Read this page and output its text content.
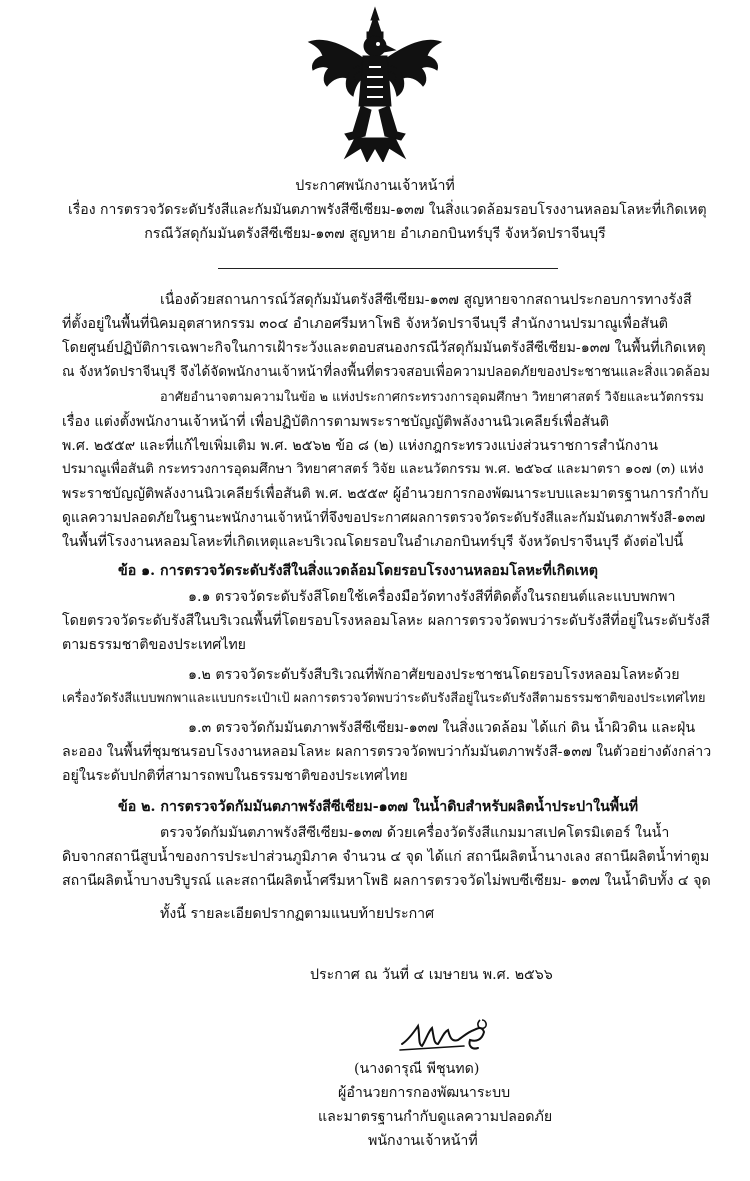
ประกาศพนักงานเจ้าหน้าที่
เรื่อง การตรวจวัดระดับรังสีและกัมมันตภาพรังสีซีเซียม-๑๓๗ ในสิ่งแวดล้อมรอบโรงงานหลอมโลหะที่เกิดเหตุ
กรณีวัสดุกัมมันตรังสีซีเซียม-๑๓๗ สูญหาย อำเภอกบินทร์บุรี จังหวัดปราจีนบุรี
เนื่องด้วยสถานการณ์วัสดุกัมมันตรังสีซีเซียม-๑๓๗ สูญหายจากสถานประกอบการทางรังสี
ที่ตั้งอยู่ในพื้นที่นิคมอุตสาหกรรม ๓๐๔ อำเภอศรีมหาโพธิ จังหวัดปราจีนบุรี สำนักงานปรมาณูเพื่อสันติ
โดยศูนย์ปฏิบัติการเฉพาะกิจในการเฝ้าระวังและตอบสนองกรณีวัสดุกัมมันตรังสีซีเซียม-๑๓๗ ในพื้นที่เกิดเหตุ
ณ จังหวัดปราจีนบุรี จึงได้จัดพนักงานเจ้าหน้าที่ลงพื้นที่ตรวจสอบเพื่อความปลอดภัยของประชาชนและสิ่งแวดล้อม
อาศัยอำนาจตามความในข้อ ๒ แห่งประกาศกระทรวงการอุดมศึกษา วิทยาศาสตร์ วิจัยและนวัตกรรม
เรื่อง แต่งตั้งพนักงานเจ้าหน้าที่ เพื่อปฏิบัติการตามพระราชบัญญัติพลังงานนิวเคลียร์เพื่อสันติ
พ.ศ. ๒๕๕๙ และที่แก้ไขเพิ่มเติม พ.ศ. ๒๕๖๒ ข้อ ๘ (๒) แห่งกฎกระทรวงแบ่งส่วนราชการสำนักงาน
ปรมาณูเพื่อสันติ กระทรวงการอุดมศึกษา วิทยาศาสตร์ วิจัย และนวัตกรรม พ.ศ. ๒๕๖๔ และมาตรา ๑๐๗ (๓) แห่ง
พระราชบัญญัติพลังงานนิวเคลียร์เพื่อสันติ พ.ศ. ๒๕๕๙ ผู้อำนวยการกองพัฒนาระบบและมาตรฐานการกำกับ
ดูแลความปลอดภัยในฐานะพนักงานเจ้าหน้าที่จึงขอประกาศผลการตรวจวัดระดับรังสีและกัมมันตภาพรังสี-๑๓๗
ในพื้นที่โรงงานหลอมโลหะที่เกิดเหตุและบริเวณโดยรอบในอำเภอกบินทร์บุรี จังหวัดปราจีนบุรี ดังต่อไปนี้
ข้อ ๑. การตรวจวัดระดับรังสีในสิ่งแวดล้อมโดยรอบโรงงานหลอมโลหะที่เกิดเหตุ
๑.๑ ตรวจวัดระดับรังสีโดยใช้เครื่องมือวัดทางรังสีที่ติดตั้งในรถยนต์และแบบพกพา
โดยตรวจวัดระดับรังสีในบริเวณพื้นที่โดยรอบโรงหลอมโลหะ ผลการตรวจวัดพบว่าระดับรังสีที่อยู่ในระดับรังสี
ตามธรรมชาติของประเทศไทย
๑.๒ ตรวจวัดระดับรังสีบริเวณที่พักอาศัยของประชาชนโดยรอบโรงหลอมโลหะด้วย
เครื่องวัดรังสีแบบพกพาและแบบกระเป๋าเป้ ผลการตรวจวัดพบว่าระดับรังสีอยู่ในระดับรังสีตามธรรมชาติของประเทศไทย
๑.๓ ตรวจวัดกัมมันตภาพรังสีซีเซียม-๑๓๗ ในสิ่งแวดล้อม ได้แก่ ดิน น้ำผิวดิน และฝุ่น
ละออง ในพื้นที่ชุมชนรอบโรงงานหลอมโลหะ ผลการตรวจวัดพบว่ากัมมันตภาพรังสี-๑๓๗ ในตัวอย่างดังกล่าว
อยู่ในระดับปกติที่สามารถพบในธรรมชาติของประเทศไทย
ข้อ ๒. การตรวจวัดกัมมันตภาพรังสีซีเซียม-๑๓๗ ในน้ำดิบสำหรับผลิตน้ำประปาในพื้นที่
ตรวจวัดกัมมันตภาพรังสีซีเซียม-๑๓๗ ด้วยเครื่องวัดรังสีแกมมาสเปคโตรมิเตอร์ ในน้ำ
ดิบจากสถานีสูบน้ำของการประปาส่วนภูมิภาค จำนวน ๔ จุด ได้แก่ สถานีผลิตน้ำนางเลง สถานีผลิตน้ำท่าตูม
สถานีผลิตน้ำบางบริบูรณ์ และสถานีผลิตน้ำศรีมหาโพธิ ผลการตรวจวัดไม่พบซีเซียม- ๑๓๗ ในน้ำดิบทั้ง ๔ จุด
ทั้งนี้ รายละเอียดปรากฏตามแนบท้ายประกาศ
ประกาศ ณ วันที่ ๔ เมษายน พ.ศ. ๒๕๖๖
(นางดารุณี พีชุนทด)
ผู้อำนวยการกองพัฒนาระบบ
และมาตรฐานกำกับดูแลความปลอดภัย
พนักงานเจ้าหน้าที่
